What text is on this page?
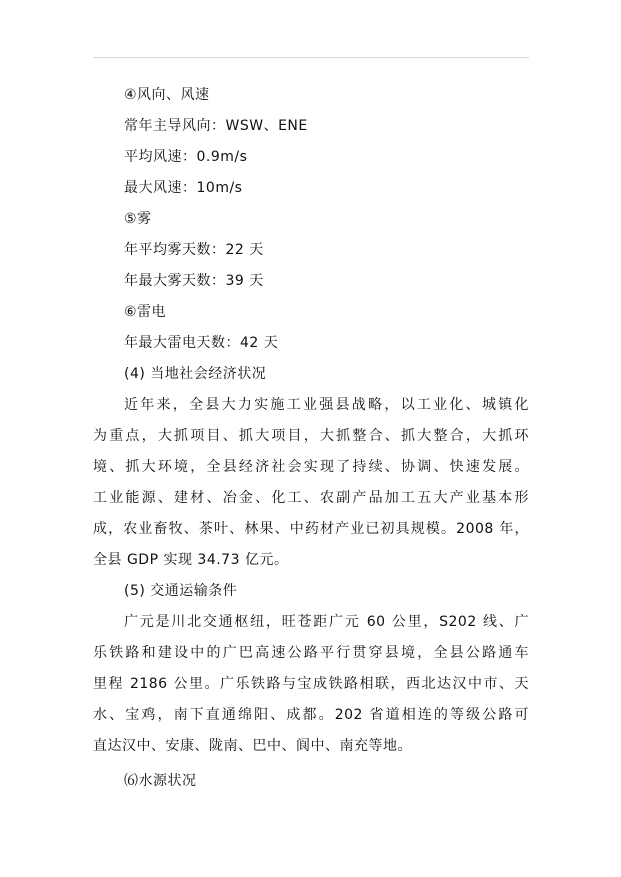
④风向、风速
常年主导风向：WSW、ENE
平均风速：0.9m/s
最大风速：10m/s
⑤雾
年平均雾天数：22 天
年最大雾天数：39 天
⑥雷电
年最大雷电天数：42 天
(4) 当地社会经济状况
近年来，全县大力实施工业强县战略，以工业化、城镇化
为重点，大抓项目、抓大项目，大抓整合、抓大整合，大抓环
境、抓大环境，全县经济社会实现了持续、协调、快速发展。
工业能源、建材、冶金、化工、农副产品加工五大产业基本形
成，农业畜牧、茶叶、林果、中药材产业已初具规模。2008 年，
全县 GDP 实现 34.73 亿元。
(5) 交通运输条件
广元是川北交通枢纽，旺苍距广元 60 公里，S202 线、广
乐铁路和建设中的广巴高速公路平行贯穿县境，全县公路通车
里程 2186 公里。广乐铁路与宝成铁路相联，西北达汉中市、天
水、宝鸡，南下直通绵阳、成都。202 省道相连的等级公路可
直达汉中、安康、陇南、巴中、阆中、南充等地。
⑹水源状况
